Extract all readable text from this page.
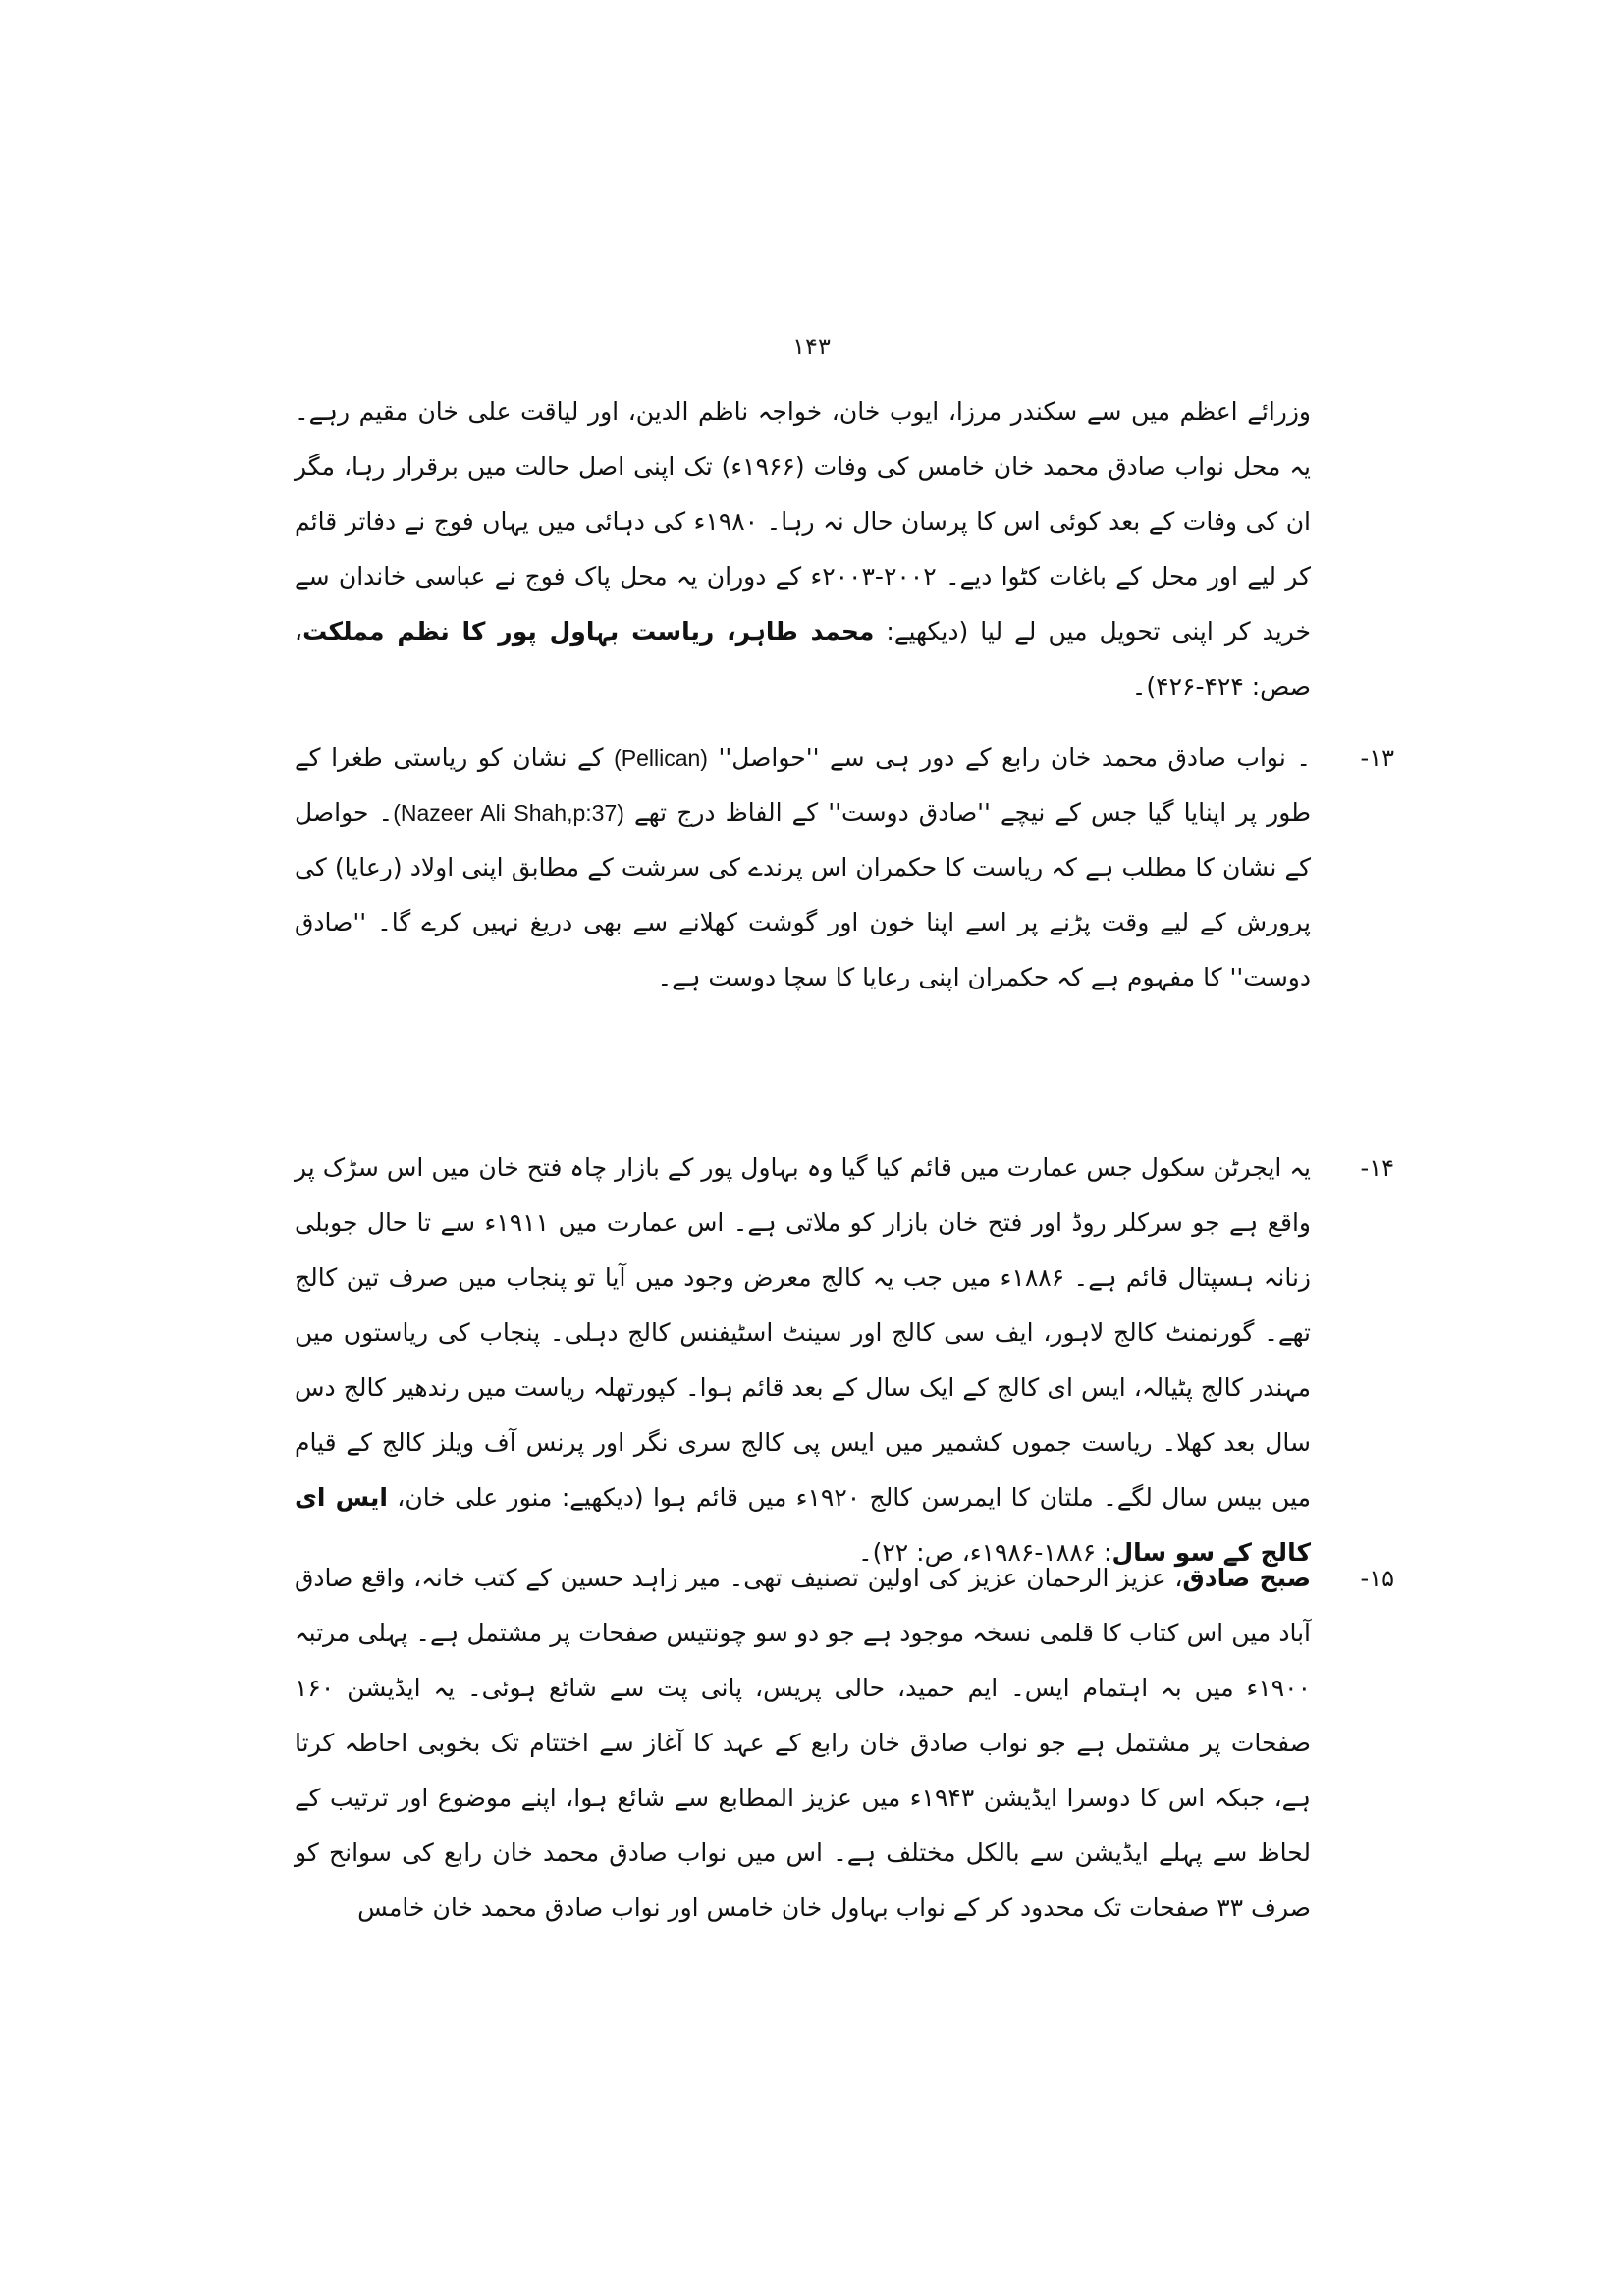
۱۴۳
وزرائے اعظم میں سے سکندر مرزا، ایوب خان، خواجہ ناظم الدین، اور لیاقت علی خان مقیم رہے۔ یہ محل نواب صادق محمد خان خامس کی وفات (۱۹۶۶ء) تک اپنی اصل حالت میں برقرار رہا، مگر ان کی وفات کے بعد کوئی اس کا پرسان حال نہ رہا۔ ۱۹۸۰ء کی دہائی میں یہاں فوج نے دفاتر قائم کر لیے اور محل کے باغات کٹوا دیے۔ ۲۰۰۲-۲۰۰۳ء کے دوران یہ محل پاک فوج نے عباسی خاندان سے خرید کر اپنی تحویل میں لے لیا (دیکھیے: محمد طاہر، ریاست بہاول پور کا نظم مملکت، صص: ۴۲۴-۴۲۶)۔
۱۳-
۔ نواب صادق محمد خان رابع کے دور ہی سے ''حواصل'' (Pellican) کے نشان کو ریاستی طغرا کے طور پر اپنایا گیا جس کے نیچے ''صادق دوست'' کے الفاظ درج تھے (Nazeer Ali Shah,p:37)۔ حواصل کے نشان کا مطلب ہے کہ ریاست کا حکمران اس پرندے کی سرشت کے مطابق اپنی اولاد (رعایا) کی پرورش کے لیے وقت پڑنے پر اسے اپنا خون اور گوشت کھلانے سے بھی دریغ نہیں کرے گا۔ ''صادق دوست'' کا مفہوم ہے کہ حکمران اپنی رعایا کا سچا دوست ہے۔
۱۴-
یہ ایجرٹن سکول جس عمارت میں قائم کیا گیا وہ بہاول پور کے بازار چاہ فتح خان میں اس سڑک پر واقع ہے جو سرکلر روڈ اور فتح خان بازار کو ملاتی ہے۔ اس عمارت میں ۱۹۱۱ء سے تا حال جوبلی زنانہ ہسپتال قائم ہے۔ ۱۸۸۶ء میں جب یہ کالج معرض وجود میں آیا تو پنجاب میں صرف تین کالج تھے۔ گورنمنٹ کالج لاہور، ایف سی کالج اور سینٹ اسٹیفنس کالج دہلی۔ پنجاب کی ریاستوں میں مہندر کالج پٹیالہ، ایس ای کالج کے ایک سال کے بعد قائم ہوا۔ کپورتھلہ ریاست میں رندھیر کالج دس سال بعد کھلا۔ ریاست جموں کشمیر میں ایس پی کالج سری نگر اور پرنس آف ویلز کالج کے قیام میں بیس سال لگے۔ ملتان کا ایمرسن کالج ۱۹۲۰ء میں قائم ہوا (دیکھیے: منور علی خان، ایس ای کالج کے سو سال: ۱۸۸۶-۱۹۸۶ء، ص: ۲۲)۔
۱۵-
صبح صادق، عزیز الرحمان عزیز کی اولین تصنیف تھی۔ میر زاہد حسین کے کتب خانہ، واقع صادق آباد میں اس کتاب کا قلمی نسخہ موجود ہے جو دو سو چونتیس صفحات پر مشتمل ہے۔ پہلی مرتبہ ۱۹۰۰ء میں بہ اہتمام ایس۔ ایم حمید، حالی پریس، پانی پت سے شائع ہوئی۔ یہ ایڈیشن ۱۶۰ صفحات پر مشتمل ہے جو نواب صادق خان رابع کے عہد کا آغاز سے اختتام تک بخوبی احاطہ کرتا ہے، جبکہ اس کا دوسرا ایڈیشن ۱۹۴۳ء میں عزیز المطابع سے شائع ہوا، اپنے موضوع اور ترتیب کے لحاظ سے پہلے ایڈیشن سے بالکل مختلف ہے۔ اس میں نواب صادق محمد خان رابع کی سوانح کو صرف ۳۳ صفحات تک محدود کر کے نواب بہاول خان خامس اور نواب صادق محمد خان خامس
